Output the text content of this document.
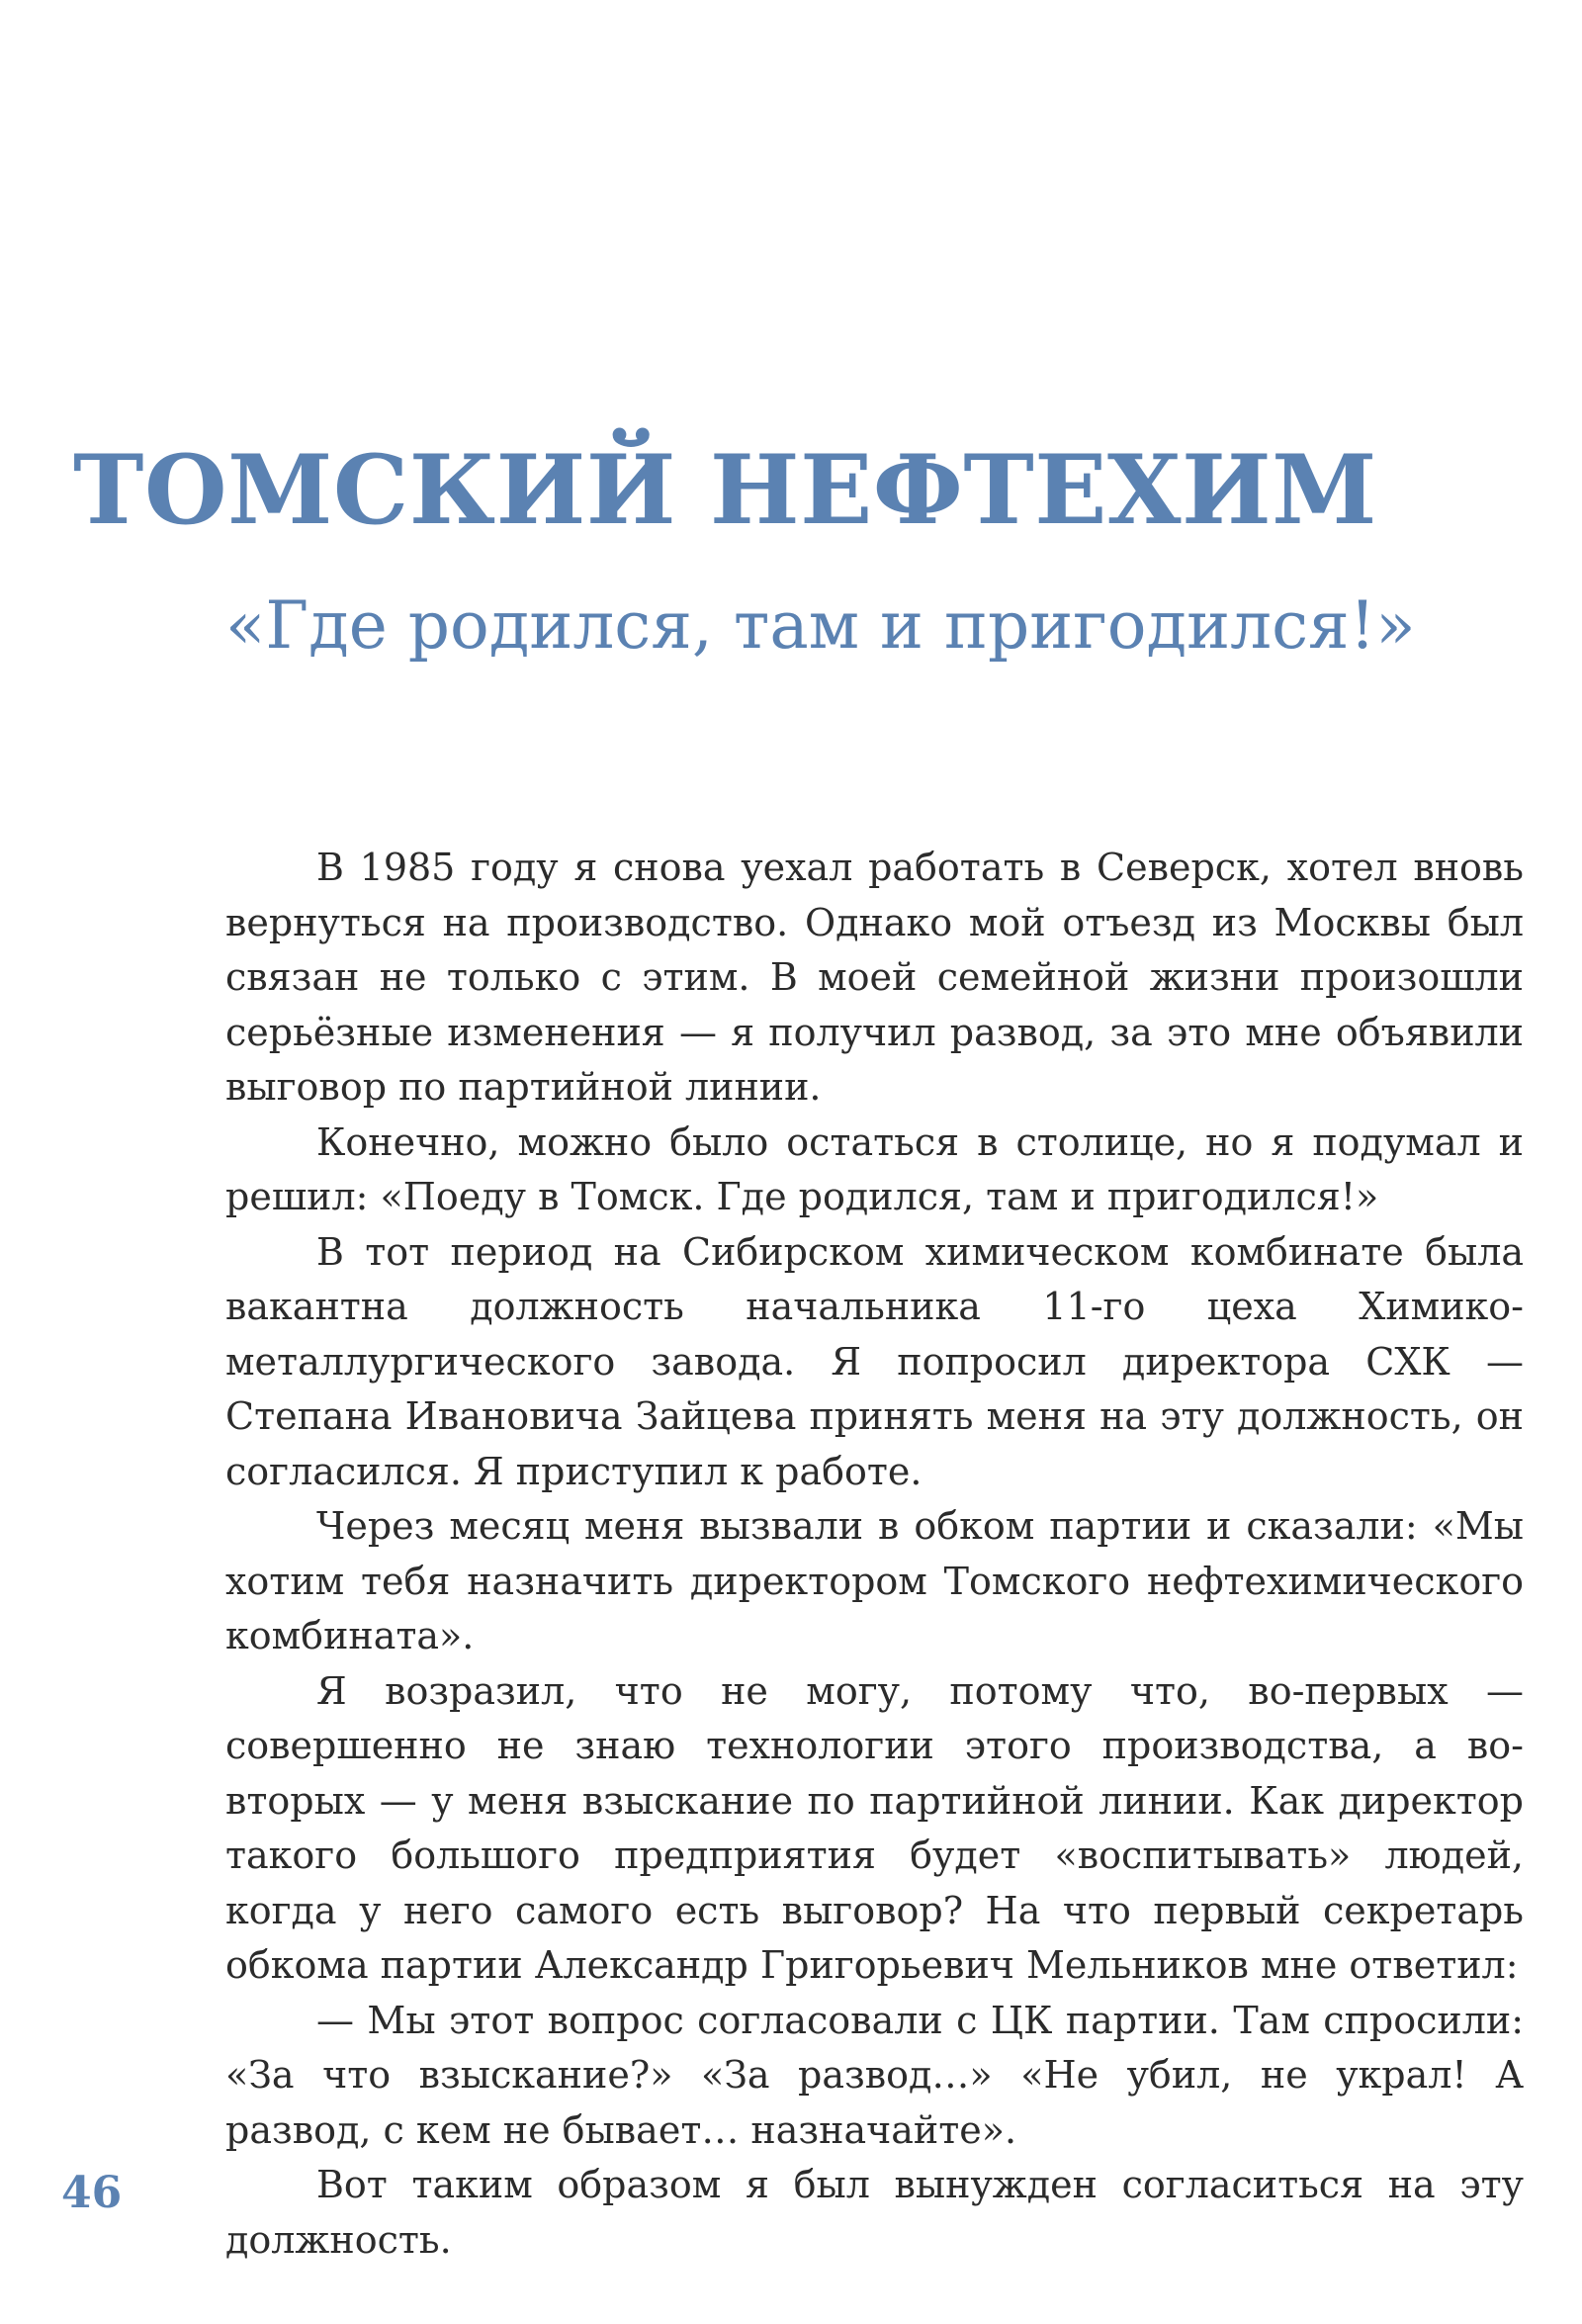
ТОМСКИЙ НЕФТЕХИМ
«Где родился, там и пригодился!»

В 1985 году я снова уехал работать в Северск, хотел вновь вернуться на производство. Однако мой отъезд из Москвы был связан не только с этим. В моей семейной жизни произошли серьёзные изменения — я получил развод, за это мне объявили выговор по партийной линии.

Конечно, можно было остаться в столице, но я подумал и решил: «Поеду в Томск. Где родился, там и пригодился!»

В тот период на Сибирском химическом комбинате была вакантна должность начальника 11-го цеха Химико-металлургического завода. Я попросил директора СХК — Степана Ивановича Зайцева принять меня на эту должность, он согласился. Я приступил к работе.

Через месяц меня вызвали в обком партии и сказали: «Мы хотим тебя назначить директором Томского нефтехимического комбината».

Я возразил, что не могу, потому что, во-первых — совершенно не знаю технологии этого производства, а во-вторых — у меня взыскание по партийной линии. Как директор такого большого предприятия будет «воспитывать» людей, когда у него самого есть выговор? На что первый секретарь обкома партии Александр Григорьевич Мельников мне ответил:

— Мы этот вопрос согласовали с ЦК партии. Там спросили: «За что взыскание?» «За развод…» «Не убил, не украл! А развод, с кем не бывает… назначайте».

Вот таким образом я был вынужден согласиться на эту должность.

46
